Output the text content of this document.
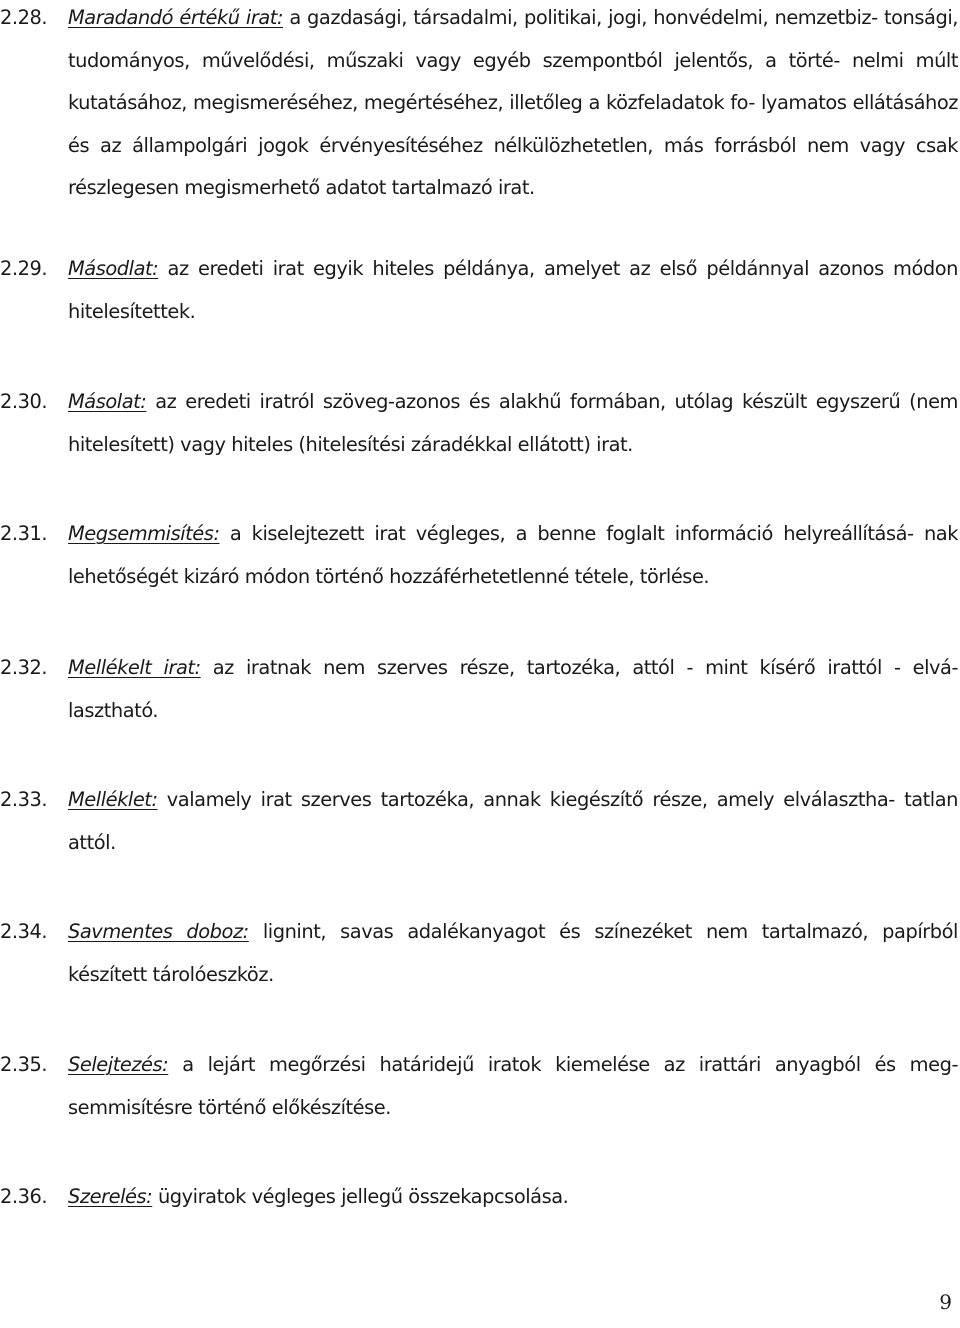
2.28. Maradandó értékű irat: a gazdasági, társadalmi, politikai, jogi, honvédelmi, nemzetbiz- tonsági, tudományos, művelődési, műszaki vagy egyéb szempontból jelentős, a törté- nelmi múlt kutatásához, megismeréséhez, megértéséhez, illetőleg a közfeladatok fo- lyamatos ellátásához és az állampolgári jogok érvényesítéséhez nélkülözhetetlen, más forrásból nem vagy csak részlegesen megismerhető adatot tartalmazó irat.
2.29. Másodlat: az eredeti irat egyik hiteles példánya, amelyet az első példánnyal azonos módon hitelesítettek.
2.30. Másolat: az eredeti iratról szöveg-azonos és alakhű formában, utólag készült egyszerű (nem hitelesített) vagy hiteles (hitelesítési záradékkal ellátott) irat.
2.31. Megsemmisítés: a kiselejtezett irat végleges, a benne foglalt információ helyreállításá- nak lehetőségét kizáró módon történő hozzáférhetetlenné tétele, törlése.
2.32. Mellékelt irat: az iratnak nem szerves része, tartozéka, attól - mint kísérő irattól - elvá- lasztható.
2.33. Melléklet: valamely irat szerves tartozéka, annak kiegészítő része, amely elválasztha- tatlan attól.
2.34. Savmentes doboz: lignint, savas adalékanyagot és színezéket nem tartalmazó, papírból készített tárolóeszköz.
2.35. Selejtezés: a lejárt megőrzési határidejű iratok kiemelése az irattári anyagból és meg- semmisítésre történő előkészítése.
2.36. Szerelés: ügyiratok végleges jellegű összekapcsolása.
9
